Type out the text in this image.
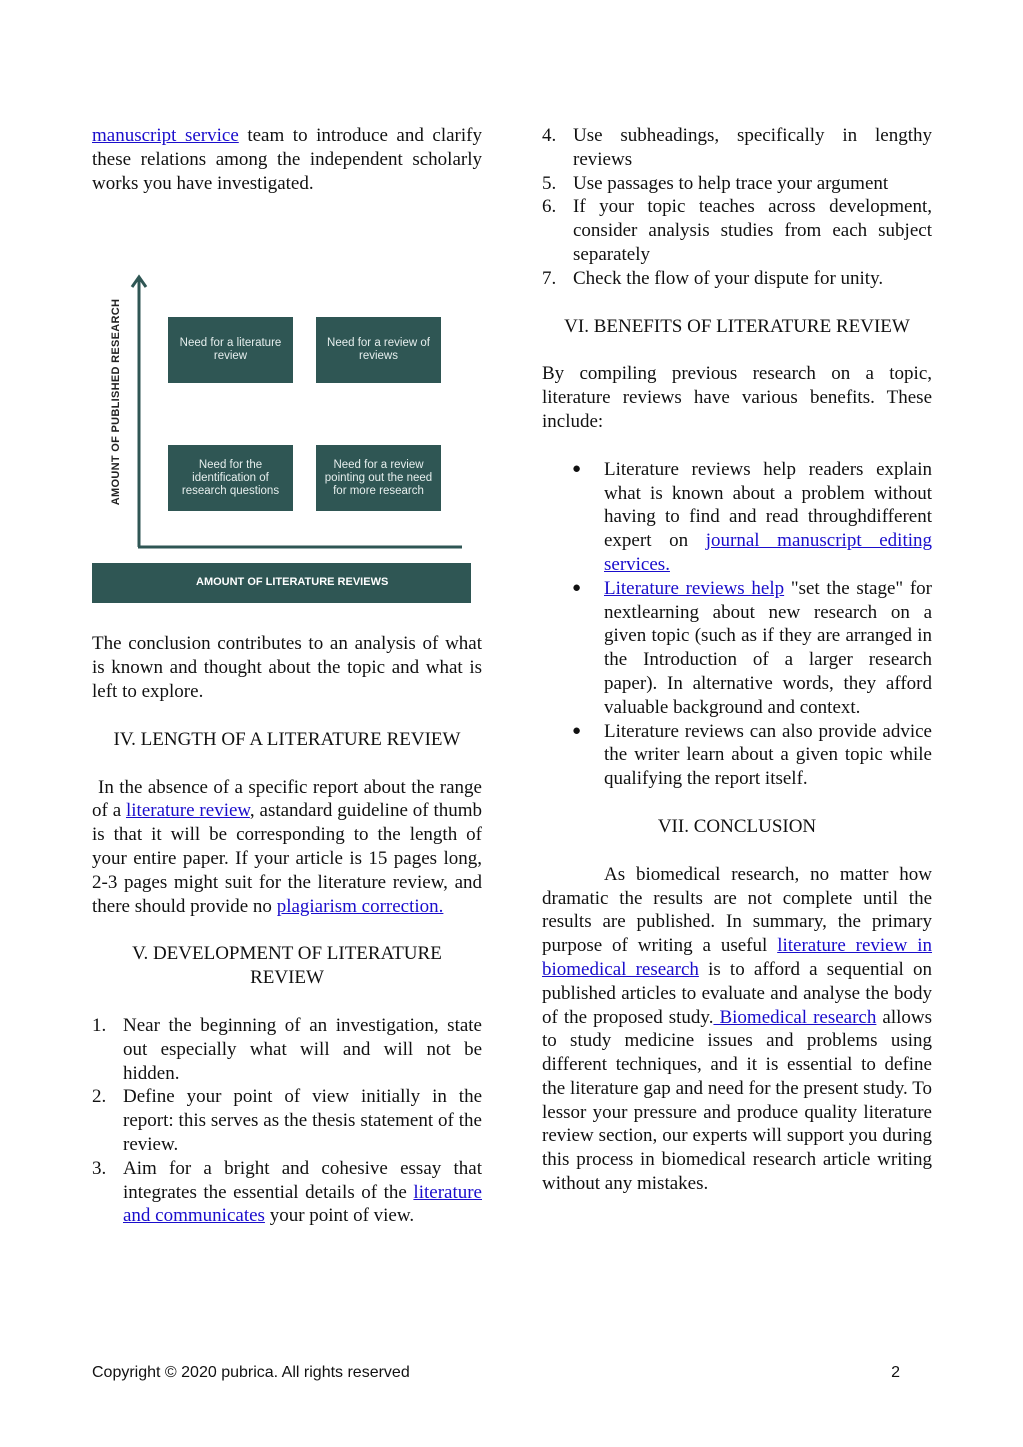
manuscript service team to introduce and clarify these relations among the independent scholarly works you have investigated.

AMOUNT OF PUBLISHED RESEARCH	Need for a literature review
Need for a review of reviews
Need for the identification of research questions
Need for a review pointing out the need for more research
AMOUNT OF LITERATURE REVIEWS

The conclusion contributes to an analysis of what is known and thought about the topic and what is left to explore.

IV. LENGTH OF A LITERATURE REVIEW

In the absence of a specific report about the range of a literature review, astandard guideline of thumb is that it will be corresponding to the length of your entire paper. If your article is 15 pages long, 2-3 pages might suit for the literature review, and there should provide no plagiarism correction.

V. DEVELOPMENT OF LITERATURE REVIEW

1. Near the beginning of an investigation, state out especially what will and will not be hidden.
2. Define your point of view initially in the report: this serves as the thesis statement of the review.
3. Aim for a bright and cohesive essay that integrates the essential details of the literature and communicates your point of view.
4. Use subheadings, specifically in lengthy reviews
5. Use passages to help trace your argument
6. If your topic teaches across development, consider analysis studies from each subject separately
7. Check the flow of your dispute for unity.

VI. BENEFITS OF LITERATURE REVIEW

By compiling previous research on a topic, literature reviews have various benefits. These include:

● Literature reviews help readers explain what is known about a problem without having to find and read throughdifferent expert on journal manuscript editing services.
● Literature reviews help "set the stage" for nextlearning about new research on a given topic (such as if they are arranged in the Introduction of a larger research paper). In alternative words, they afford valuable background and context.
● Literature reviews can also provide advice the writer learn about a given topic while qualifying the report itself.

VII. CONCLUSION

As biomedical research, no matter how dramatic the results are not complete until the results are published. In summary, the primary purpose of writing a useful literature review in biomedical research is to afford a sequential on published articles to evaluate and analyse the body of the proposed study. Biomedical research allows to study medicine issues and problems using different techniques, and it is essential to define the literature gap and need for the present study. To lessor your pressure and produce quality literature review section, our experts will support you during this process in biomedical research article writing without any mistakes.

Copyright © 2020 pubrica. All rights reserved	2
